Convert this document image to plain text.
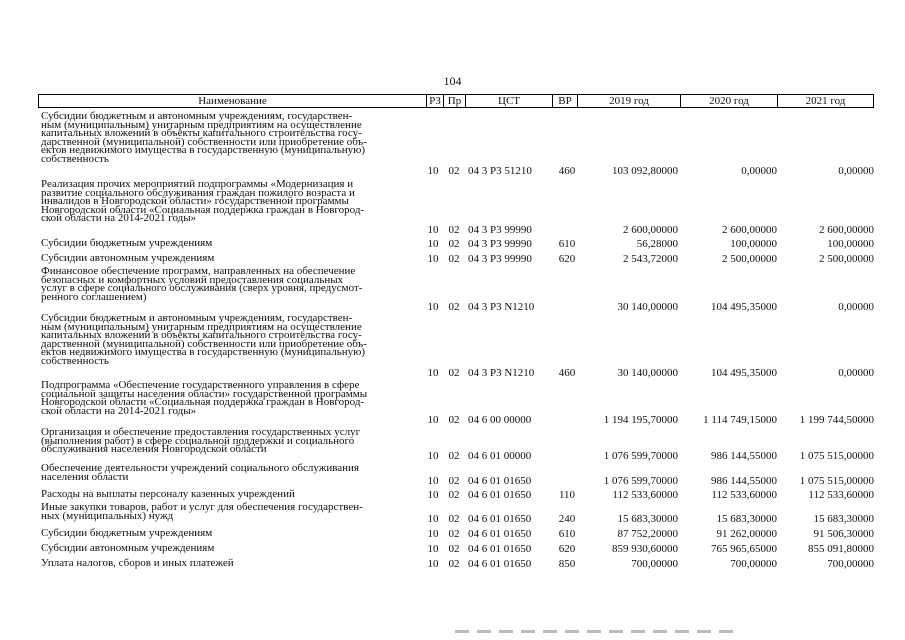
104
Наименование	РЗ Пр	ЦСТ	ВР	2019 год	2020 год	2021 год
Субсидии бюджетным и автономным учреждениям, государствен-
ным (муниципальным) унитарным предприятиям на осуществление
капитальных вложений в объекты капитального строительства госу-
дарственной (муниципальной) собственности или приобретение объ-
ектов недвижимого имущества в государственную (муниципальную)
собственность
10 02 04 3 Р3 51210	460	103 092,80000	0,00000	0,00000
Реализация прочих мероприятий подпрограммы «Модернизация и
развитие социального обслуживания граждан пожилого возраста и
инвалидов в Новгородской области» государственной программы
Новгородской области «Социальная поддержка граждан в Новгород-
ской области на 2014-2021 годы»
10 02 04 3 Р3 99990	2 600,00000	2 600,00000	2 600,00000
Субсидии бюджетным учреждениям	10 02 04 3 Р3 99990	610	56,28000	100,00000	100,00000
Субсидии автономным учреждениям	10 02 04 3 Р3 99990	620	2 543,72000	2 500,00000	2 500,00000
Финансовое обеспечение программ, направленных на обеспечение
безопасных и комфортных условий предоставления социальных
услуг в сфере социального обслуживания (сверх уровня, предусмот-
ренного соглашением)
10 02 04 3 Р3 N1210	30 140,00000	104 495,35000	0,00000
Субсидии бюджетным и автономным учреждениям, государствен-
ным (муниципальным) унитарным предприятиям на осуществление
капитальных вложений в объекты капитального строительства госу-
дарственной (муниципальной) собственности или приобретение объ-
ектов недвижимого имущества в государственную (муниципальную)
собственность
10 02 04 3 Р3 N1210	460	30 140,00000	104 495,35000	0,00000
Подпрограмма «Обеспечение государственного управления в сфере
социальной защиты населения области» государственной программы
Новгородской области «Социальная поддержка граждан в Новгород-
ской области на 2014-2021 годы»
10 02 04 6 00 00000	1 194 195,70000	1 114 749,15000	1 199 744,50000
Организация и обеспечение предоставления государственных услуг
(выполнения работ) в сфере социальной поддержки и социального
обслуживания населения Новгородской области
10 02 04 6 01 00000	1 076 599,70000	986 144,55000	1 075 515,00000
Обеспечение деятельности учреждений социального обслуживания
населения области	10 02 04 6 01 01650	1 076 599,70000	986 144,55000	1 075 515,00000
Расходы на выплаты персоналу казенных учреждений	10 02 04 6 01 01650	110	112 533,60000	112 533,60000	112 533,60000
Иные закупки товаров, работ и услуг для обеспечения государствен-
ных (муниципальных) нужд	10 02 04 6 01 01650	240	15 683,30000	15 683,30000	15 683,30000
Субсидии бюджетным учреждениям	10 02 04 6 01 01650	610	87 752,20000	91 262,00000	91 506,30000
Субсидии автономным учреждениям	10 02 04 6 01 01650	620	859 930,60000	765 965,65000	855 091,80000
Уплата налогов, сборов и иных платежей	10 02 04 6 01 01650	850	700,00000	700,00000	700,00000
